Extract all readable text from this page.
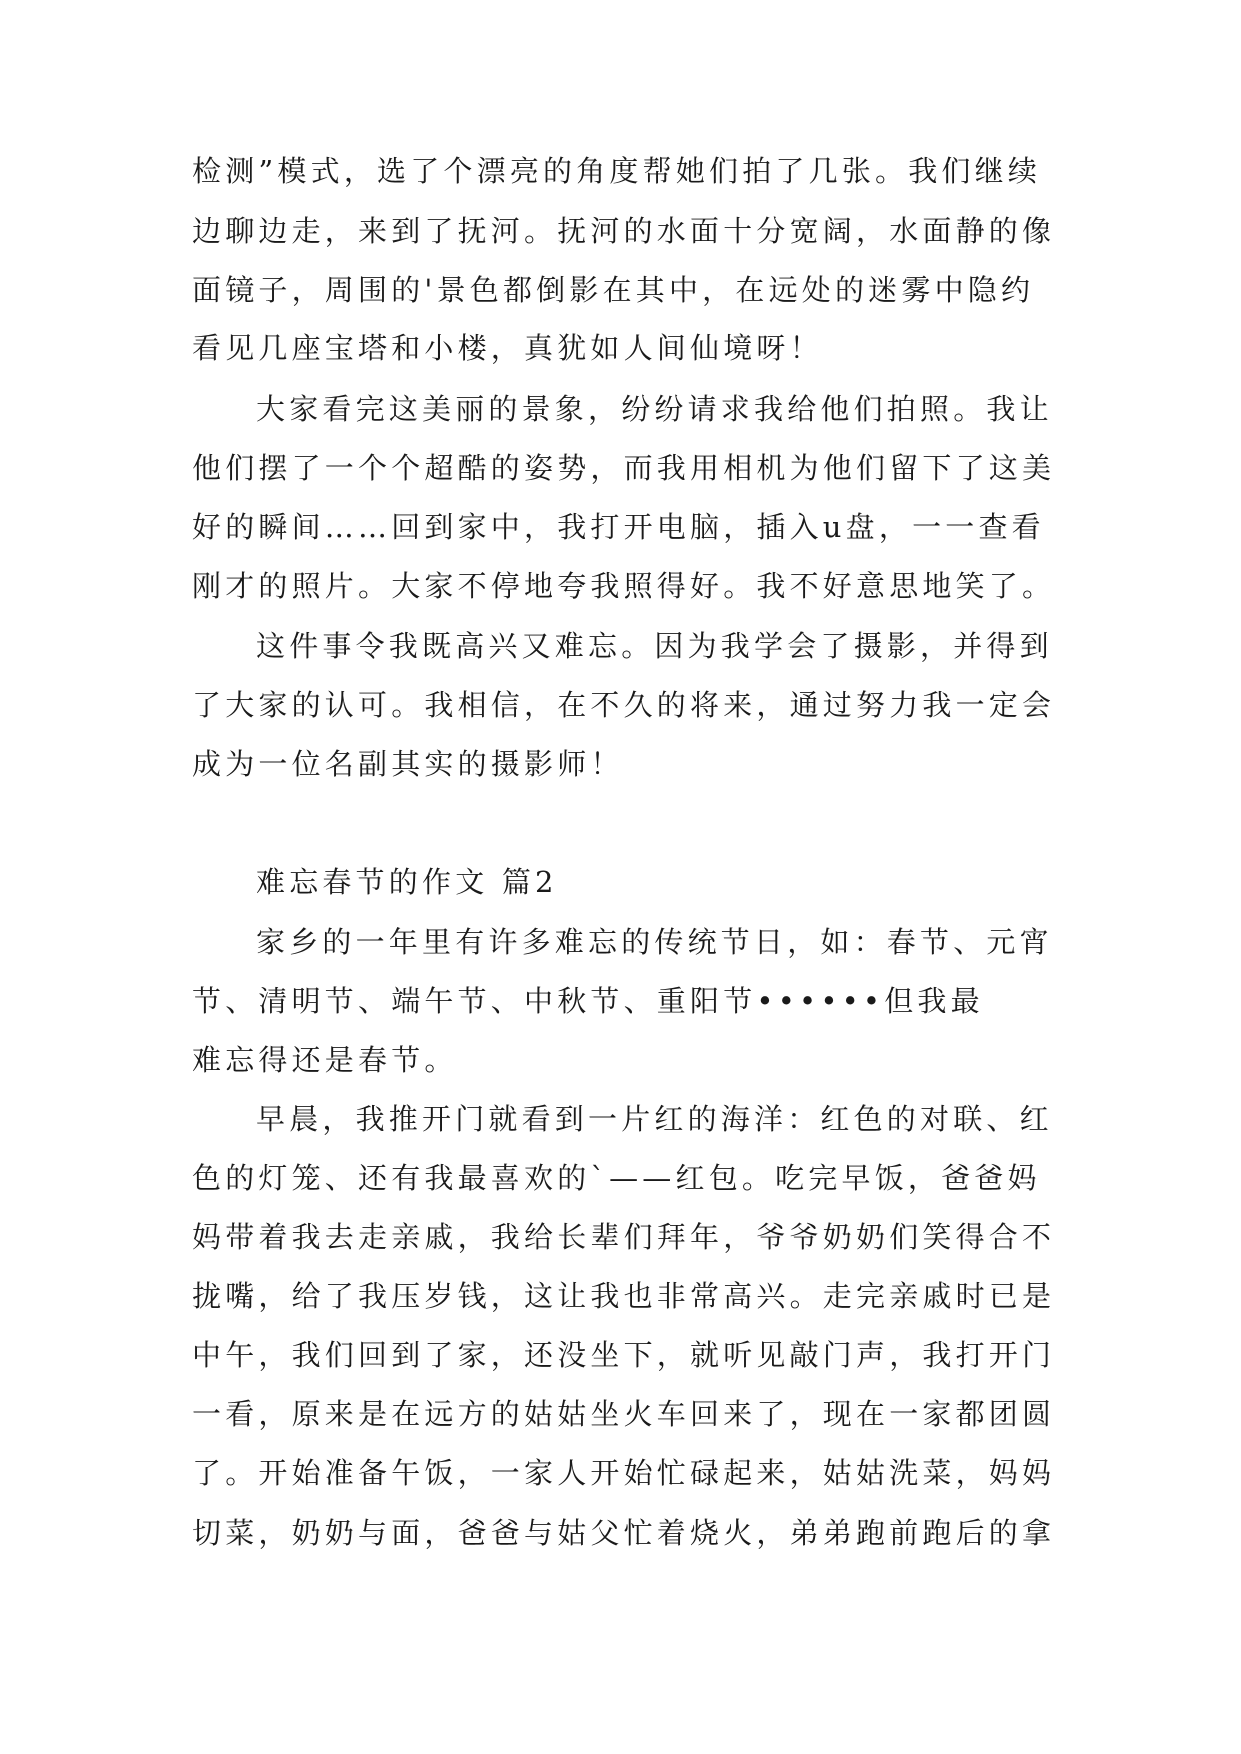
检测”模式，选了个漂亮的角度帮她们拍了几张。我们继续
边聊边走，来到了抚河。抚河的水面十分宽阔，水面静的像
面镜子，周围的'景色都倒影在其中，在远处的迷雾中隐约
看见几座宝塔和小楼，真犹如人间仙境呀！
大家看完这美丽的景象，纷纷请求我给他们拍照。我让
他们摆了一个个超酷的姿势，而我用相机为他们留下了这美
好的瞬间……回到家中，我打开电脑，插入u盘，一一查看
刚才的照片。大家不停地夸我照得好。我不好意思地笑了。
这件事令我既高兴又难忘。因为我学会了摄影，并得到
了大家的认可。我相信，在不久的将来，通过努力我一定会
成为一位名副其实的摄影师！
难忘春节的作文 篇2
家乡的一年里有许多难忘的传统节日，如：春节、元宵
节、清明节、端午节、中秋节、重阳节••••••但我最
难忘得还是春节。
早晨，我推开门就看到一片红的海洋：红色的对联、红
色的灯笼、还有我最喜欢的`——红包。吃完早饭，爸爸妈
妈带着我去走亲戚，我给长辈们拜年，爷爷奶奶们笑得合不
拢嘴，给了我压岁钱，这让我也非常高兴。走完亲戚时已是
中午，我们回到了家，还没坐下，就听见敲门声，我打开门
一看，原来是在远方的姑姑坐火车回来了，现在一家都团圆
了。开始准备午饭，一家人开始忙碌起来，姑姑洗菜，妈妈
切菜，奶奶与面，爸爸与姑父忙着烧火，弟弟跑前跑后的拿
